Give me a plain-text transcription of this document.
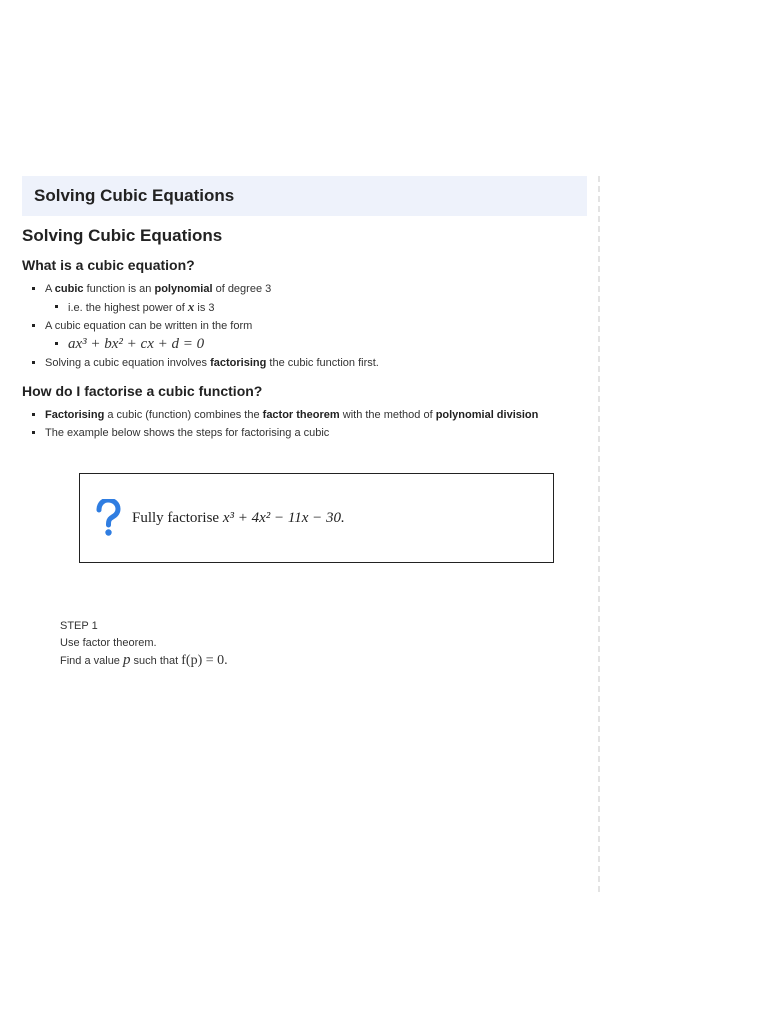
Solving Cubic Equations
Solving Cubic Equations
What is a cubic equation?
A cubic function is an polynomial of degree 3
i.e. the highest power of x is 3
A cubic equation can be written in the form
ax³ + bx² + cx + d = 0
Solving a cubic equation involves factorising the cubic function first.
How do I factorise a cubic function?
Factorising a cubic (function) combines the factor theorem with the method of polynomial division
The example below shows the steps for factorising a cubic
Fully factorise x³ + 4x² − 11x − 30.
STEP 1
Use factor theorem.
Find a value p such that f(p) = 0.
